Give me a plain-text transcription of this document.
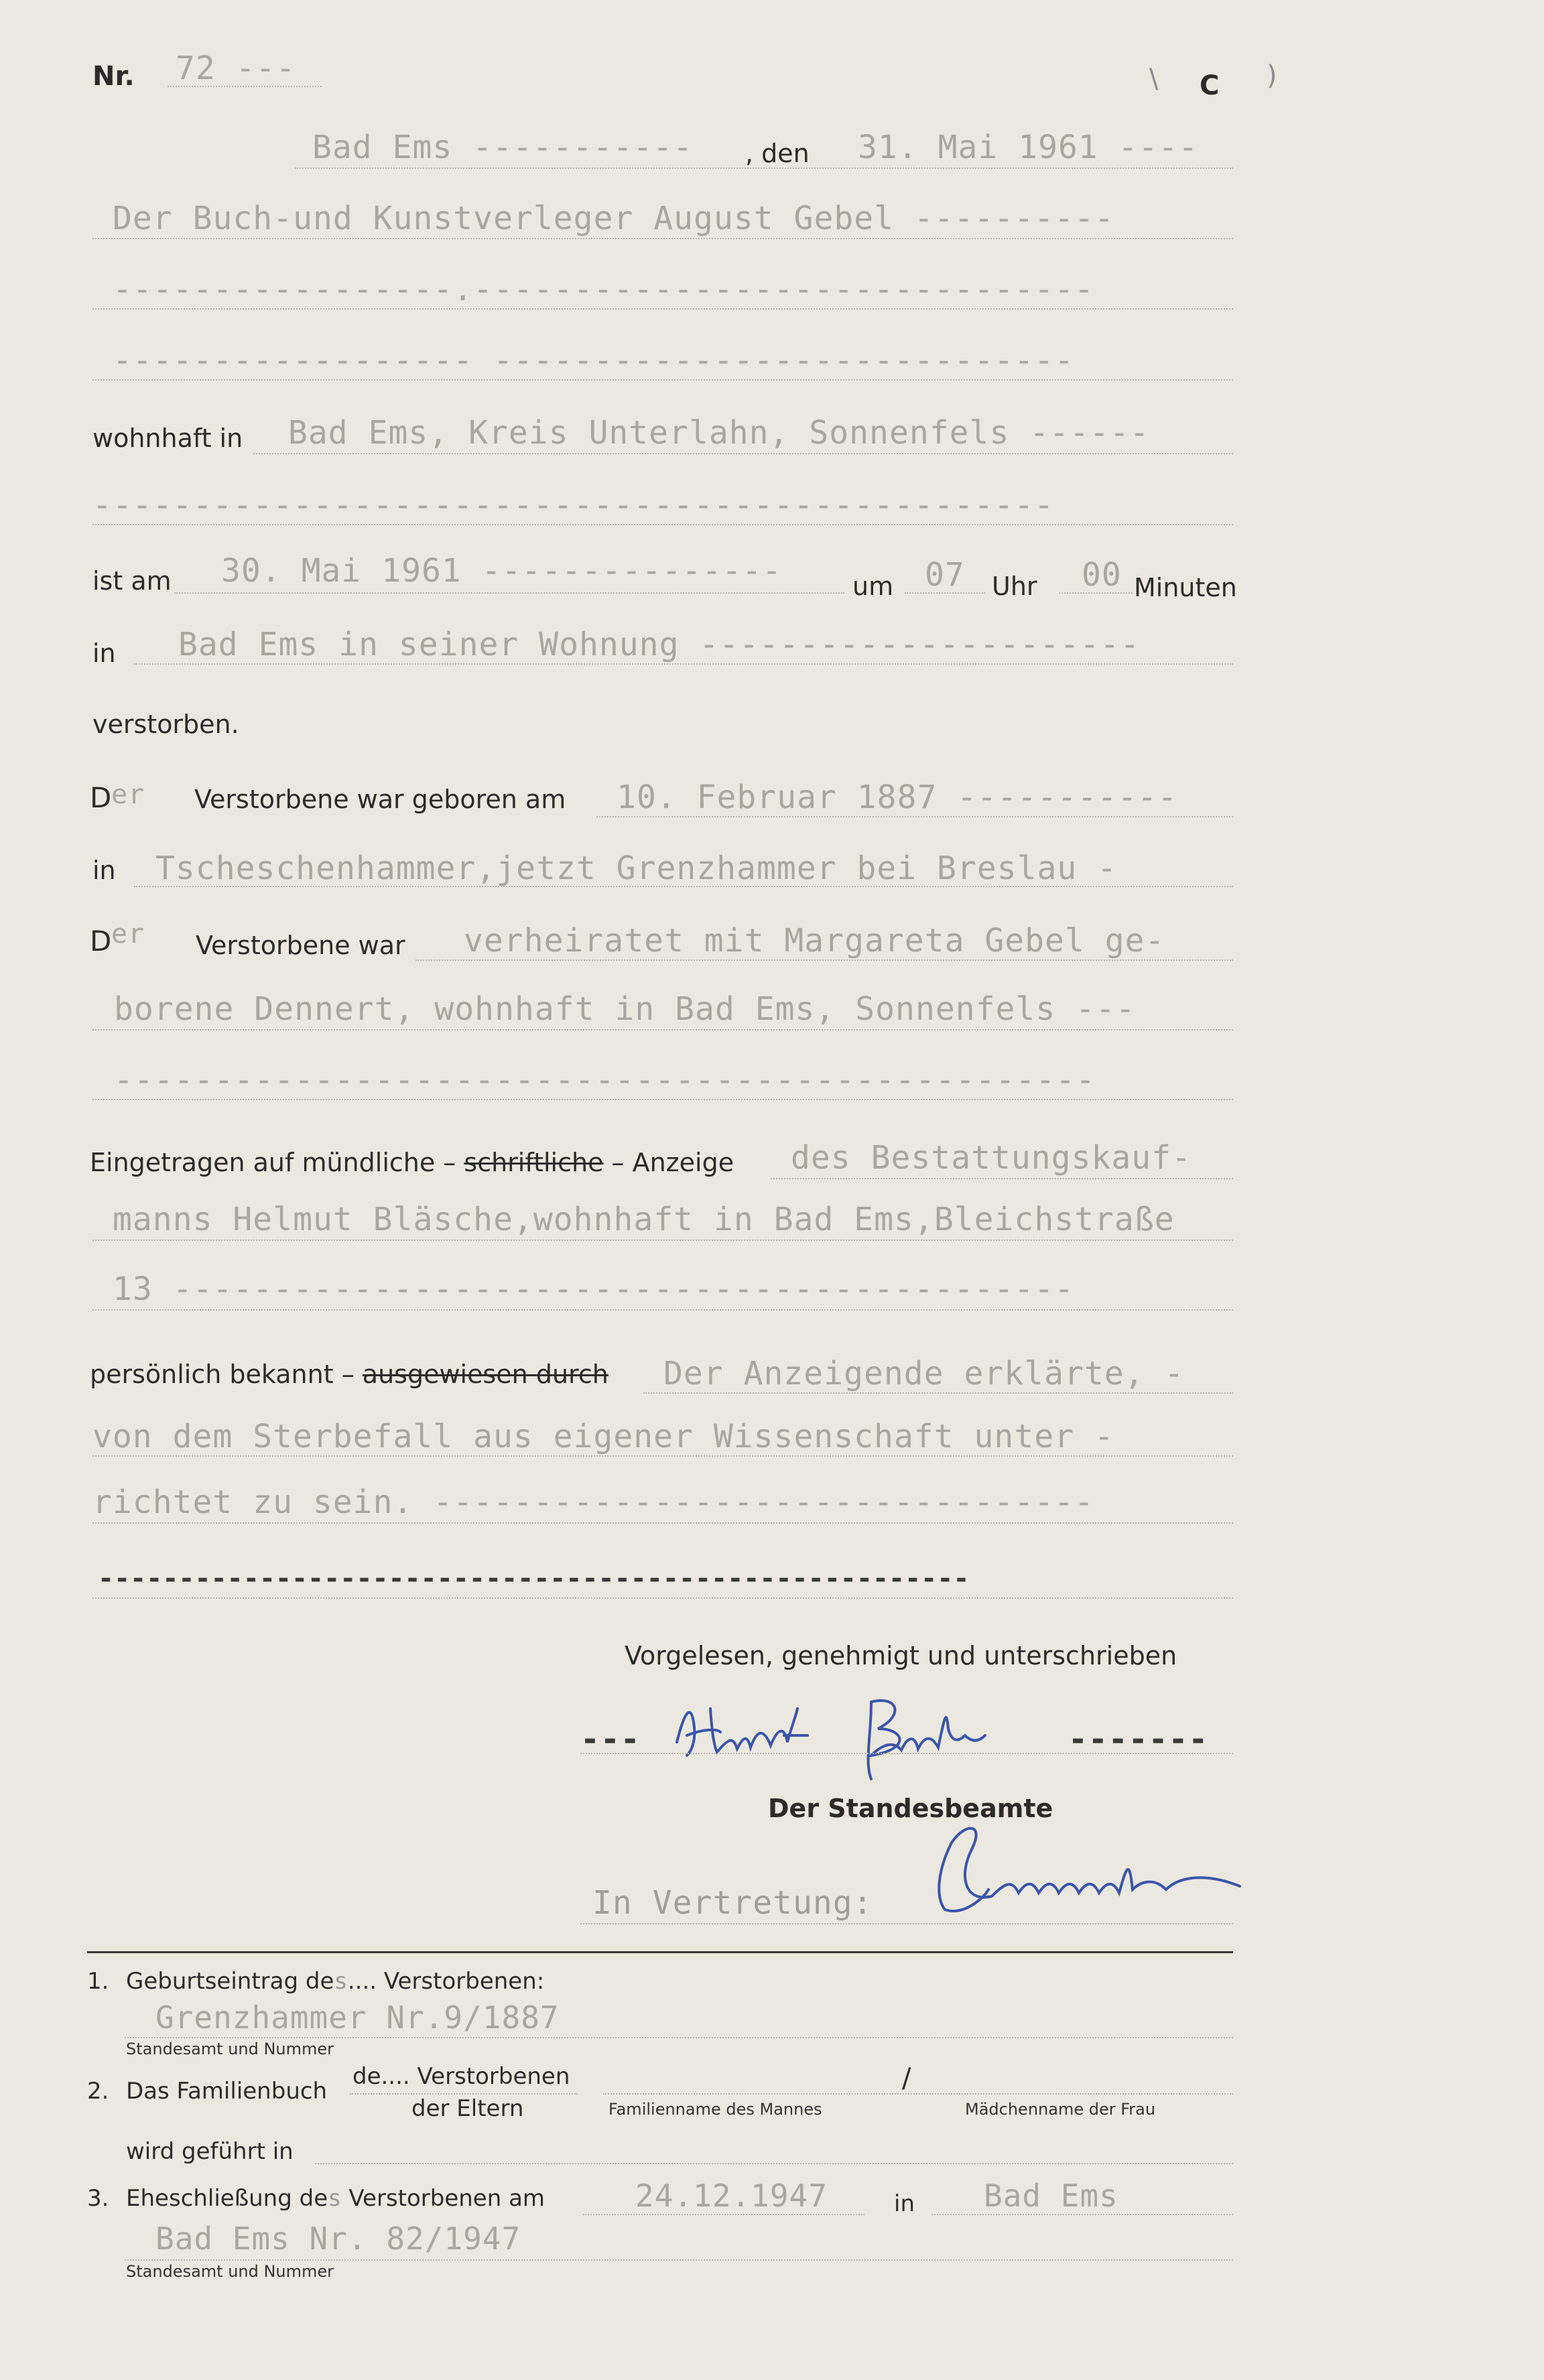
Nr. 72 ---	C
\	)
Bad Ems ----------- , den 31. Mai 1961 ----
Der Buch-und Kunstverleger August Gebel ----------
-----------------.-------------------------------
------------------ -----------------------------
wohnhaft in Bad Ems, Kreis Unterlahn, Sonnenfels ------
------------------------------------------------
ist am 30. Mai 1961 ---------------	um 07 Uhr 00 Minuten
in Bad Ems in seiner Wohnung ----------------------
verstorben.
D er Verstorbene war geboren am 10. Februar 1887 -----------
in Tscheschenhammer,jetzt Grenzhammer bei Breslau -
D er Verstorbene war verheiratet mit Margareta Gebel ge-
borene Dennert, wohnhaft in Bad Ems, Sonnenfels ---
-------------------------------------------------
Eingetragen auf mündliche – schriftliche – Anzeige des Bestattungskauf-
manns Helmut Bläsche,wohnhaft in Bad Ems,Bleichstraße
13 ---------------------------------------------
persönlich bekannt – ausgewiesen durch Der Anzeigende erklärte, -
von dem Sterbefall aus eigener Wissenschaft unter -
richtet zu sein. ---------------------------------
------------------------------------------------------
Vorgelesen, genehmigt und unterschrieben
---	-------
Der Standesbeamte
In Vertretung:
1. Geburtseintrag des.... Verstorbenen:
Grenzhammer Nr.9/1887
Standesamt und Nummer
2. Das Familienbuch
de.... Verstorbenen
der Eltern
/
Familienname des Mannes	Mädchenname der Frau
wird geführt in
3. Eheschließung des Verstorbenen am	24.12.1947	in Bad Ems
Bad Ems Nr. 82/1947
Standesamt und Nummer
